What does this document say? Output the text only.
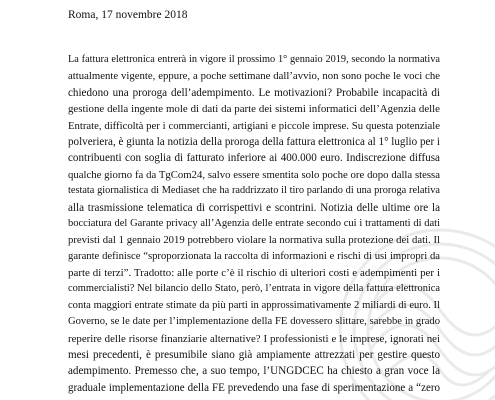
Roma, 17 novembre 2018
La fattura elettronica entrerà in vigore il prossimo 1° gennaio 2019, secondo la normativa
attualmente vigente, eppure, a poche settimane dall’avvio, non sono poche le voci che
chiedono una proroga dell’adempimento. Le motivazioni? Probabile incapacità di
gestione della ingente mole di dati da parte dei sistemi informatici dell’Agenzia delle
Entrate, difficoltà per i commercianti, artigiani e piccole imprese. Su questa potenziale
polveriera, è giunta la notizia della proroga della fattura elettronica al 1° luglio per i
contribuenti con soglia di fatturato inferiore ai 400.000 euro. Indiscrezione diffusa
qualche giorno fa da TgCom24, salvo essere smentita solo poche ore dopo dalla stessa
testata giornalistica di Mediaset che ha raddrizzato il tiro parlando di una proroga relativa
alla trasmissione telematica di corrispettivi e scontrini. Notizia delle ultime ore la
bocciatura del Garante privacy all’Agenzia delle entrate secondo cui i trattamenti di dati
previsti dal 1 gennaio 2019 potrebbero violare la normativa sulla protezione dei dati. Il
garante definisce “sproporzionata la raccolta di informazioni e rischi di usi impropri da
parte di terzi”. Tradotto: alle porte c’è il rischio di ulteriori costi e adempimenti per i
commercialisti? Nel bilancio dello Stato, però, l’entrata in vigore della fattura elettronica
conta maggiori entrate stimate da più parti in approssimativamente 2 miliardi di euro. Il
Governo, se le date per l’implementazione della FE dovessero slittare, sarebbe in grado
reperire delle risorse finanziarie alternative? I professionisti e le imprese, ignorati nei
mesi precedenti, è presumibile siano già ampiamente attrezzati per gestire questo
adempimento. Premesso che, a suo tempo, l’UNGDCEC ha chiesto a gran voce la
graduale implementazione della FE prevedendo una fase di sperimentazione a “zero
